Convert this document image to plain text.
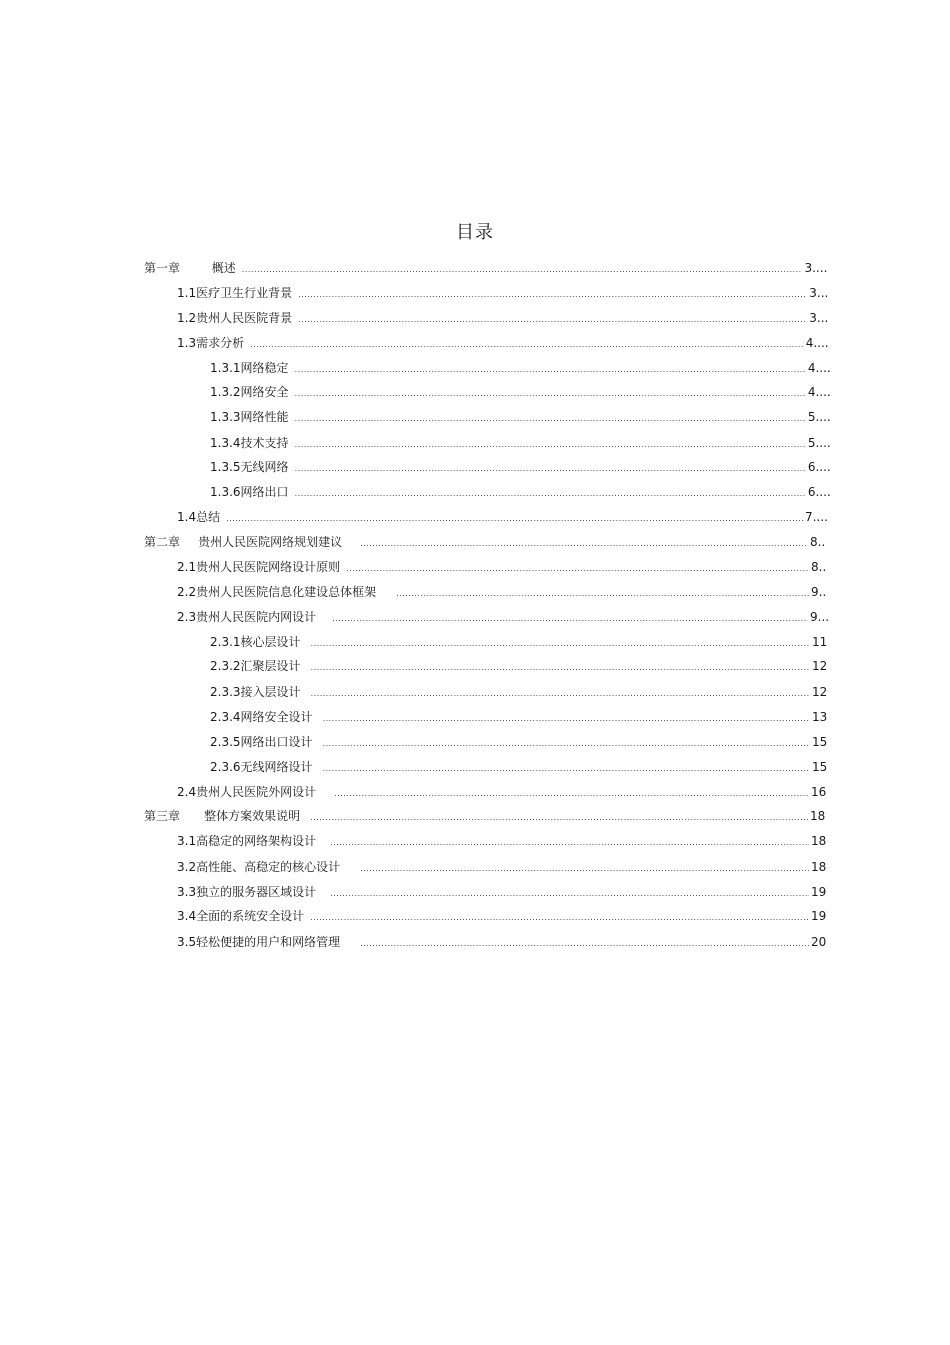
目录
第一章	概述 .....	3....
1.1 医疗卫生行业背景 .....	3...
1.2 贵州人民医院背景 .....	3...
1.3 需求分析 .....	4....
1.3.1 网络稳定 .....	4....
1.3.2 网络安全 .....	4....
1.3.3 网络性能 .....	5....
1.3.4 技术支持 .....	5....
1.3.5 无线网络 .....	6....
1.3.6 网络出口 .....	6....
1.4 总结 .....	7....
第二章	贵州人民医院网络规划建议 .....	8..
2.1 贵州人民医院网络设计原则 .....	8..
2.2 贵州人民医院信息化建设总体框架 .....	9..
2.3 贵州人民医院内网设计 .....	9...
2.3.1 核心层设计 .....	11
2.3.2 汇聚层设计 .....	12
2.3.3 接入层设计 .....	12
2.3.4 网络安全设计 .....	13
2.3.5 网络出口设计 .....	15
2.3.6 无线网络设计 .....	15
2.4 贵州人民医院外网设计 .....	16
第三章	整体方案效果说明 .....	18
3.1 高稳定的网络架构设计 .....	18
3.2 高性能、高稳定的核心设计 .....	18
3.3 独立的服务器区域设计 .....	19
3.4 全面的系统安全设计 .....	19
3.5 轻松便捷的用户和网络管理 .....	20
